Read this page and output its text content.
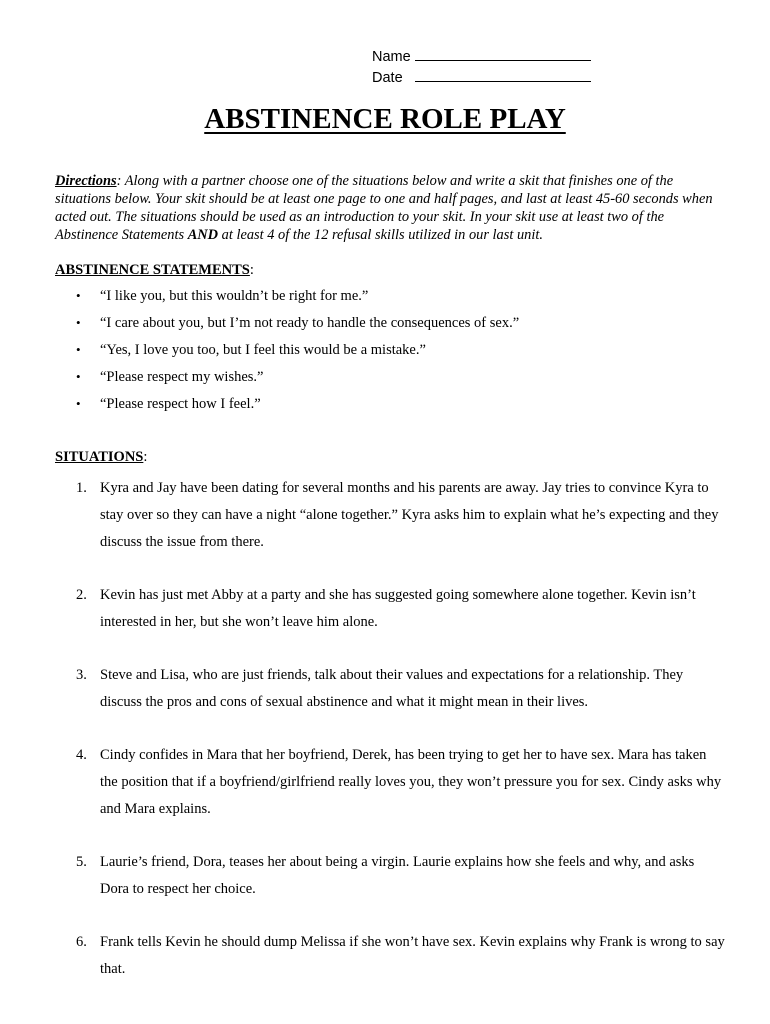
Name
Date
ABSTINENCE ROLE PLAY
Directions: Along with a partner choose one of the situations below and write a skit that finishes one of the situations below. Your skit should be at least one page to one and half pages, and last at least 45-60 seconds when acted out. The situations should be used as an introduction to your skit. In your skit use at least two of the Abstinence Statements AND at least 4 of the 12 refusal skills utilized in our last unit.
ABSTINENCE STATEMENTS:
• “I like you, but this wouldn’t be right for me.”
• “I care about you, but I’m not ready to handle the consequences of sex.”
• “Yes, I love you too, but I feel this would be a mistake.”
• “Please respect my wishes.”
• “Please respect how I feel.”
SITUATIONS:
1. Kyra and Jay have been dating for several months and his parents are away. Jay tries to convince Kyra to stay over so they can have a night “alone together.” Kyra asks him to explain what he’s expecting and they discuss the issue from there.
2. Kevin has just met Abby at a party and she has suggested going somewhere alone together. Kevin isn’t interested in her, but she won’t leave him alone.
3. Steve and Lisa, who are just friends, talk about their values and expectations for a relationship. They discuss the pros and cons of sexual abstinence and what it might mean in their lives.
4. Cindy confides in Mara that her boyfriend, Derek, has been trying to get her to have sex. Mara has taken the position that if a boyfriend/girlfriend really loves you, they won’t pressure you for sex. Cindy asks why and Mara explains.
5. Laurie’s friend, Dora, teases her about being a virgin. Laurie explains how she feels and why, and asks Dora to respect her choice.
6. Frank tells Kevin he should dump Melissa if she won’t have sex. Kevin explains why Frank is wrong to say that.
